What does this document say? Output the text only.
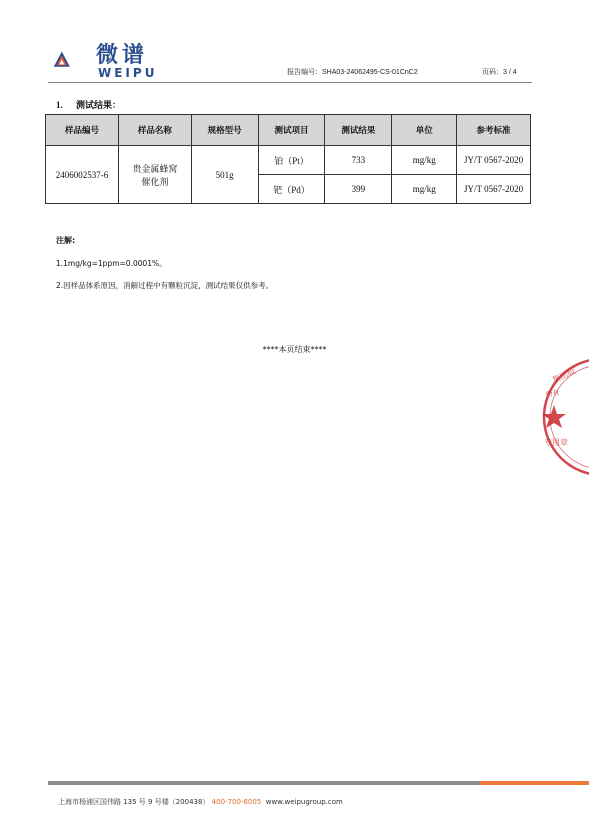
微谱
WEIPU	报告编号：SHA03-24062495-CS-01CnC2	页码：3 / 4
1. 测试结果：
样品编号	样品名称	规格型号	测试项目	测试结果	单位	参考标准
2406002537-6	贵金属蜂窝
催化剂	501g	铂（Pt）	733	mg/kg	JY/T 0567-2020
			钯（Pd）	399	mg/kg	JY/T 0567-2020
注解:
1.1mg/kg=1ppm=0.0001%。
2.因样品体系原因，消解过程中有颗粒沉淀，测试结果仅供参考。
****本页结束****
集团股
份有
专用章
上海市杨浦区国伟路 135 号 9 号楼（200438） 400-700-6005 www.weipugroup.com
